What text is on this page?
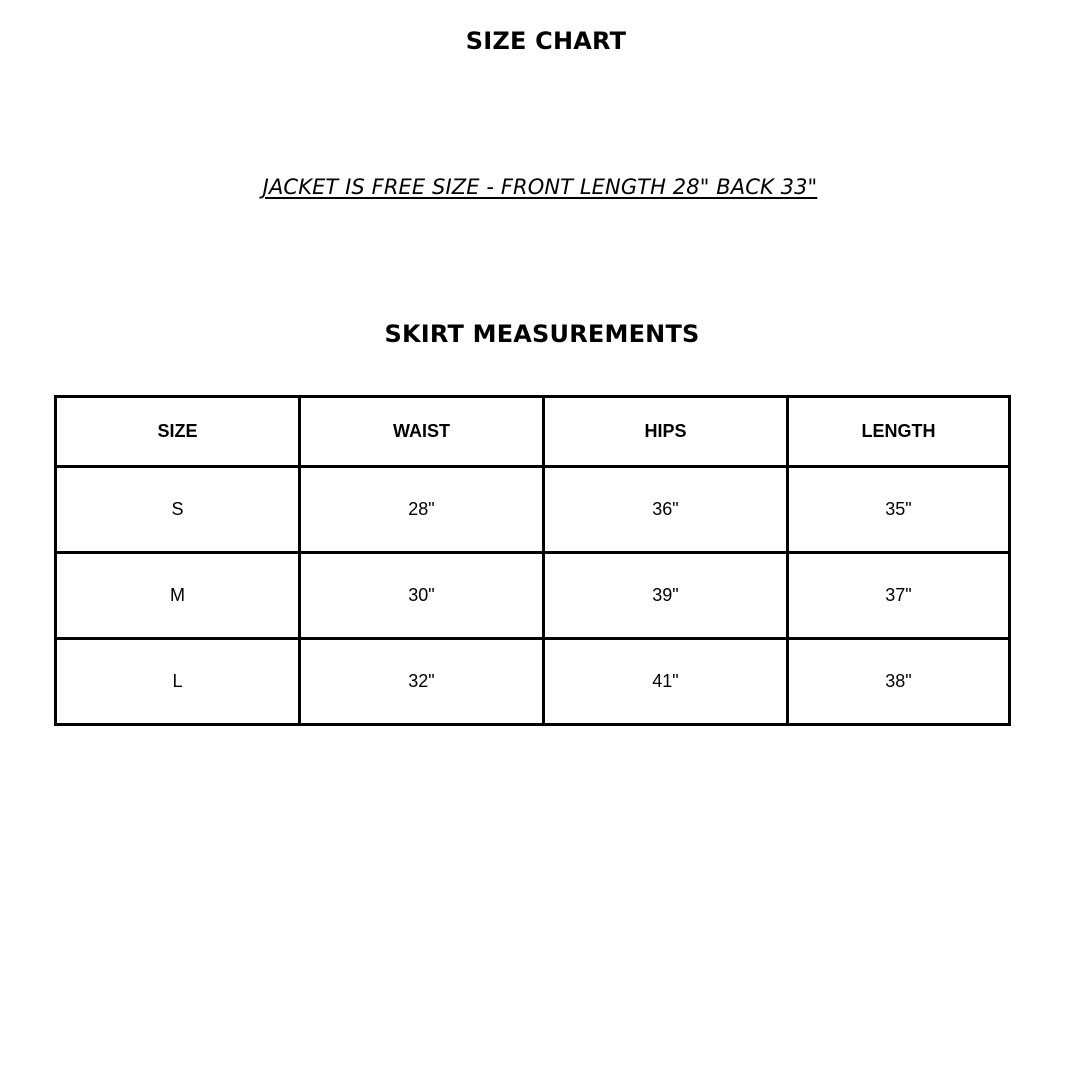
SIZE CHART
JACKET IS FREE SIZE - FRONT LENGTH 28" BACK 33"
SKIRT MEASUREMENTS
SIZE	WAIST	HIPS	LENGTH
S	28"	36"	35"
M	30"	39"	37"
L	32"	41"	38"
